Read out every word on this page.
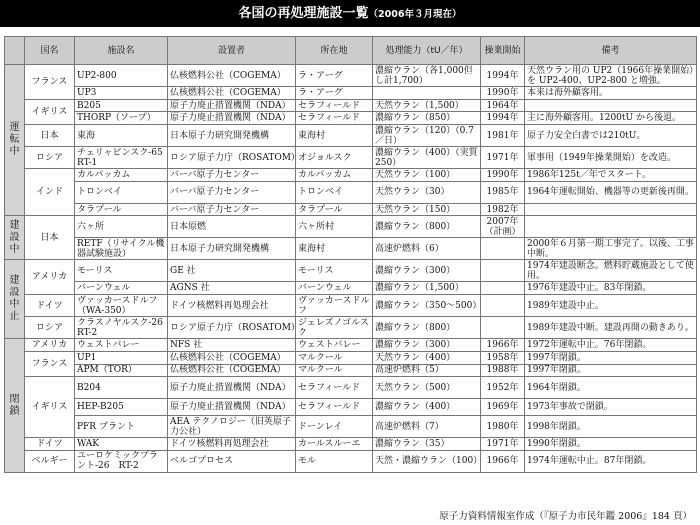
各国の再処理施設一覧（2006年３月現在）
	国名	施設名	設置者	所在地	処理能力（tU／年）	操業開始	備考
運転中	フランス	UP2-800	仏核燃料公社（COGEMA）	ラ・アーグ	濃縮ウラン（各1,000但し計1,700）	1994年	天然ウラン用の UP2（1966年操業開始）を UP2-400、UP2-800 と増強。
		UP3	仏核燃料公社（COGEMA）	ラ・アーグ		1990年	本来は海外顧客用。
	イギリス	B205	原子力廃止措置機関（NDA）	セラフィールド	天然ウラン（1,500）	1964年	
		THORP（ソープ）	原子力廃止措置機関（NDA）	セラフィールド	濃縮ウラン（850）	1994年	主に海外顧客用。1200tU から後退。
	日本	東海	日本原子力研究開発機構	東海村	濃縮ウラン（120）（0.7／日）	1981年	原子力安全白書では210tU。
	ロシア	チェリャビンスク-65　RT-1	ロシア原子力庁（ROSATOM）	オジョルスク	濃縮ウラン（400）（実質250）	1971年	軍事用（1949年操業開始）を改造。
	インド	カルパッカム	バーバ原子力センター	カルパッカム	天然ウラン（100）	1990年	1986年125t／年でスタート。
		トロンベイ	バーバ原子力センター	トロンベイ	天然ウラン（30）	1985年	1964年運転開始、機器等の更新後再開。
		タラプール	バーバ原子力センター	タラプール	天然ウラン（150）	1982年	
建設中	日本	六ヶ所	日本原燃	六ヶ所村	濃縮ウラン（800）	2007年（計画）	
		RETF（リサイクル機器試験施設）	日本原子力研究開発機構	東海村	高速炉燃料（6）		2000年６月第一期工事完了。以後、工事中断。
建設中止	アメリカ	モーリス	GE 社	モーリス	濃縮ウラン（300）		1974年建設断念。燃料貯蔵施設として使用。
		バーンウェル	AGNS 社	バーンウェル	濃縮ウラン（1,500）		1976年建設中止。83年閉鎖。
	ドイツ	ヴァッカースドルフ（WA-350）	ドイツ核燃料再処理会社	ヴァッカースドルフ	濃縮ウラン（350～500）		1989年建設中止。
	ロシア	クラスノヤルスク-26　RT-2	ロシア原子力庁（ROSATOM）	ジェレズノゴルスク	濃縮ウラン（800）		1989年建設中断。建設再開の動きあり。
閉鎖	アメリカ	ウェストバレー	NFS 社	ウェストバレー	濃縮ウラン（300）	1966年	1972年運転中止。76年閉鎖。
	フランス	UP1	仏核燃料公社（COGEMA）	マルクール	天然ウラン（400）	1958年	1997年閉鎖。
		APM（TOR）	仏核燃料公社（COGEMA）	マルクール	高速炉燃料（5）	1988年	1997年閉鎖。
	イギリス	B204	原子力廃止措置機関（NDA）	セラフィールド	天然ウラン（500）	1952年	1964年閉鎖。
		HEP-B205	原子力廃止措置機関（NDA）	セラフィールド	濃縮ウラン（400）	1969年	1973年事故で閉鎖。
		PFR プラント	AEA テクノロジー（旧英原子力公社）	ドーンレイ	高速炉燃料（7）	1980年	1998年閉鎖。
	ドイツ	WAK	ドイツ核燃料再処理会社	カールスルーエ	濃縮ウラン（35）	1971年	1990年閉鎖。
	ベルギー	ユーロケミックプラント-26　RT-2	ベルゴプロセス	モル	天然・濃縮ウラン（100）	1966年	1974年運転中止。87年閉鎖。
原子力資料情報室作成（『原子力市民年鑑 2006』184 頁）
